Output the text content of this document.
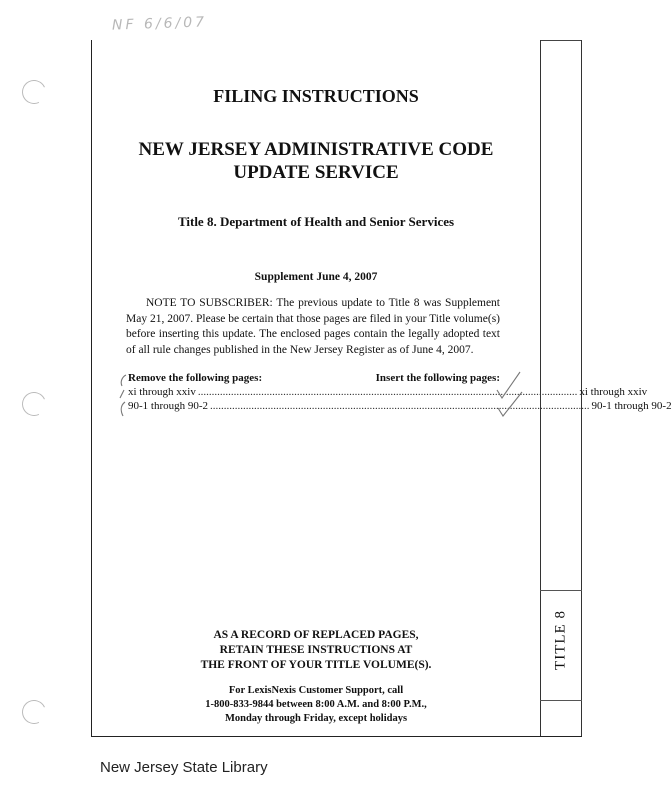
NF 6/6/07
TITLE 8
FILING INSTRUCTIONS
NEW JERSEY ADMINISTRATIVE CODE
UPDATE SERVICE
Title 8. Department of Health and Senior Services
Supplement June 4, 2007
NOTE TO SUBSCRIBER: The previous update to Title 8 was Supplement May 21, 2007. Please be certain that those pages are filed in your Title volume(s) before inserting this update. The enclosed pages contain the legally adopted text of all rule changes published in the New Jersey Register as of June 4, 2007.
Remove the following pages:	Insert the following pages:
xi through xxiv .......................................................................................................................................... xi through xxiv
90-1 through 90-2 .......................................................................................................................................... 90-1 through 90-2
AS A RECORD OF REPLACED PAGES,
RETAIN THESE INSTRUCTIONS AT
THE FRONT OF YOUR TITLE VOLUME(S).
For LexisNexis Customer Support, call
1-800-833-9844 between 8:00 A.M. and 8:00 P.M.,
Monday through Friday, except holidays
New Jersey State Library
